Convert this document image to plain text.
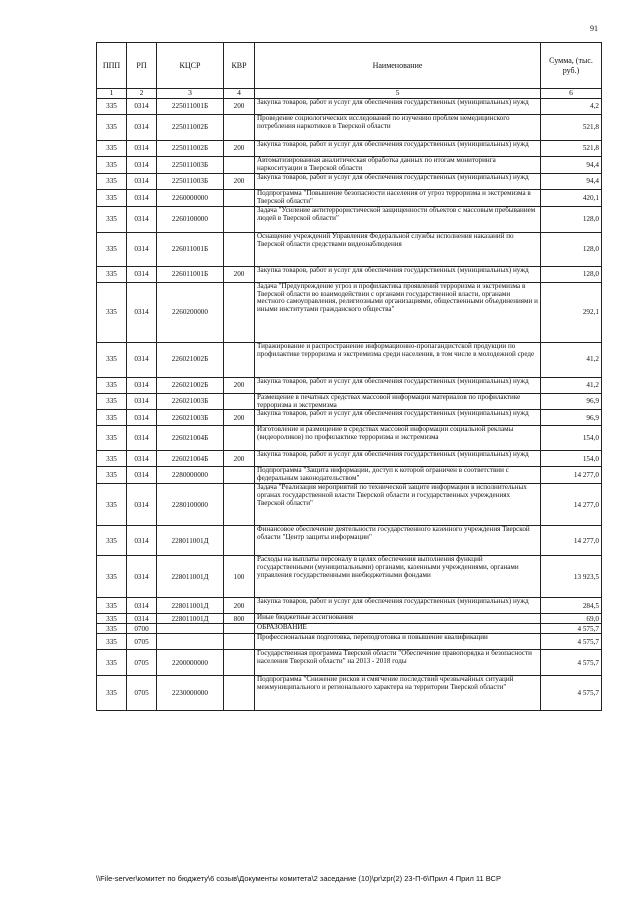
91
ППП	РП	КЦСР	КВР	Наименование	Сумма, (тыс. руб.)
1	2	3	4	5	6
335	0314	225011001Б	200	Закупка товаров, работ и услуг для обеспечения государственных (муниципальных) нужд	4,2
335	0314	225011002Б		Проведение социологических исследований по изучению проблем немедицинского потребления наркотиков в Тверской области	521,8
335	0314	225011002Б	200	Закупка товаров, работ и услуг для обеспечения государственных (муниципальных) нужд	521,8
335	0314	225011003Б		Автоматизированная аналитическая обработка данных по итогам мониторинга наркоситуации в Тверской области	94,4
335	0314	225011003Б	200	Закупка товаров, работ и услуг для обеспечения государственных (муниципальных) нужд	94,4
335	0314	2260000000		Подпрограмма "Повышение безопасности населения от угроз терроризма и экстремизма в Тверской области"	420,1
335	0314	2260100000		Задача "Усиление антитеррористической защищенности объектов с массовым пребыванием людей в Тверской области"	128,0
335	0314	226011001Б		Оснащение учреждений Управления Федеральной службы исполнения наказаний по Тверской области средствами видеонаблюдения	128,0
335	0314	226011001Б	200	Закупка товаров, работ и услуг для обеспечения государственных (муниципальных) нужд	128,0
335	0314	2260200000		Задача "Предупреждение угроз и профилактика проявлений терроризма и экстремизма в Тверской области во взаимодействии с органами государственной власти, органами местного самоуправления, религиозными организациями, общественными объединениями и иными институтами гражданского общества"	292,1
335	0314	226021002Б		Тиражирование и распространение информационно-пропагандистской продукции по профилактике терроризма и экстремизма среди населения, в том числе в молодежной среде	41,2
335	0314	226021002Б	200	Закупка товаров, работ и услуг для обеспечения государственных (муниципальных) нужд	41,2
335	0314	226021003Б		Размещение в печатных средствах массовой информации материалов по профилактике терроризма и экстремизма	96,9
335	0314	226021003Б	200	Закупка товаров, работ и услуг для обеспечения государственных (муниципальных) нужд	96,9
335	0314	226021004Б		Изготовление и размещение в средствах массовой информации социальной рекламы (видеороликов) по профилактике терроризма и экстремизма	154,0
335	0314	226021004Б	200	Закупка товаров, работ и услуг для обеспечения государственных (муниципальных) нужд	154,0
335	0314	2280000000		Подпрограмма "Защита информации, доступ к которой ограничен в соответствии с федеральным законодательством"	14 277,0
335	0314	2280100000		Задача "Реализация мероприятий по технической защите информации в исполнительных органах государственной власти Тверской области и государственных учреждениях Тверской области"	14 277,0
335	0314	228011001Д		Финансовое обеспечение деятельности государственного казенного учреждения Тверской области "Центр защиты информации"	14 277,0
335	0314	228011001Д	100	Расходы на выплаты персоналу в целях обеспечения выполнения функций государственными (муниципальными) органами, казенными учреждениями, органами управления государственными внебюджетными фондами	13 923,5
335	0314	228011001Д	200	Закупка товаров, работ и услуг для обеспечения государственных (муниципальных) нужд	284,5
335	0314	228011001Д	800	Иные бюджетные ассигнования	69,0
335	0700			ОБРАЗОВАНИЕ	4 575,7
335	0705			Профессиональная подготовка, переподготовка и повышение квалификации	4 575,7
335	0705	2200000000		Государственная программа Тверской области "Обеспечение правопорядка и безопасности населения Тверской области" на 2013 - 2018 годы	4 575,7
335	0705	2230000000		Подпрограмма "Снижение рисков и смягчение последствий чрезвычайных ситуаций межмуниципального и регионального характера на территории Тверской области"	4 575,7
\\File-server\комитет по бюджету\6 созыв\Документы комитета\2 заседание (10)\pr\zpr(2) 23-П-6\Прил 4 Прил 11 ВСР
